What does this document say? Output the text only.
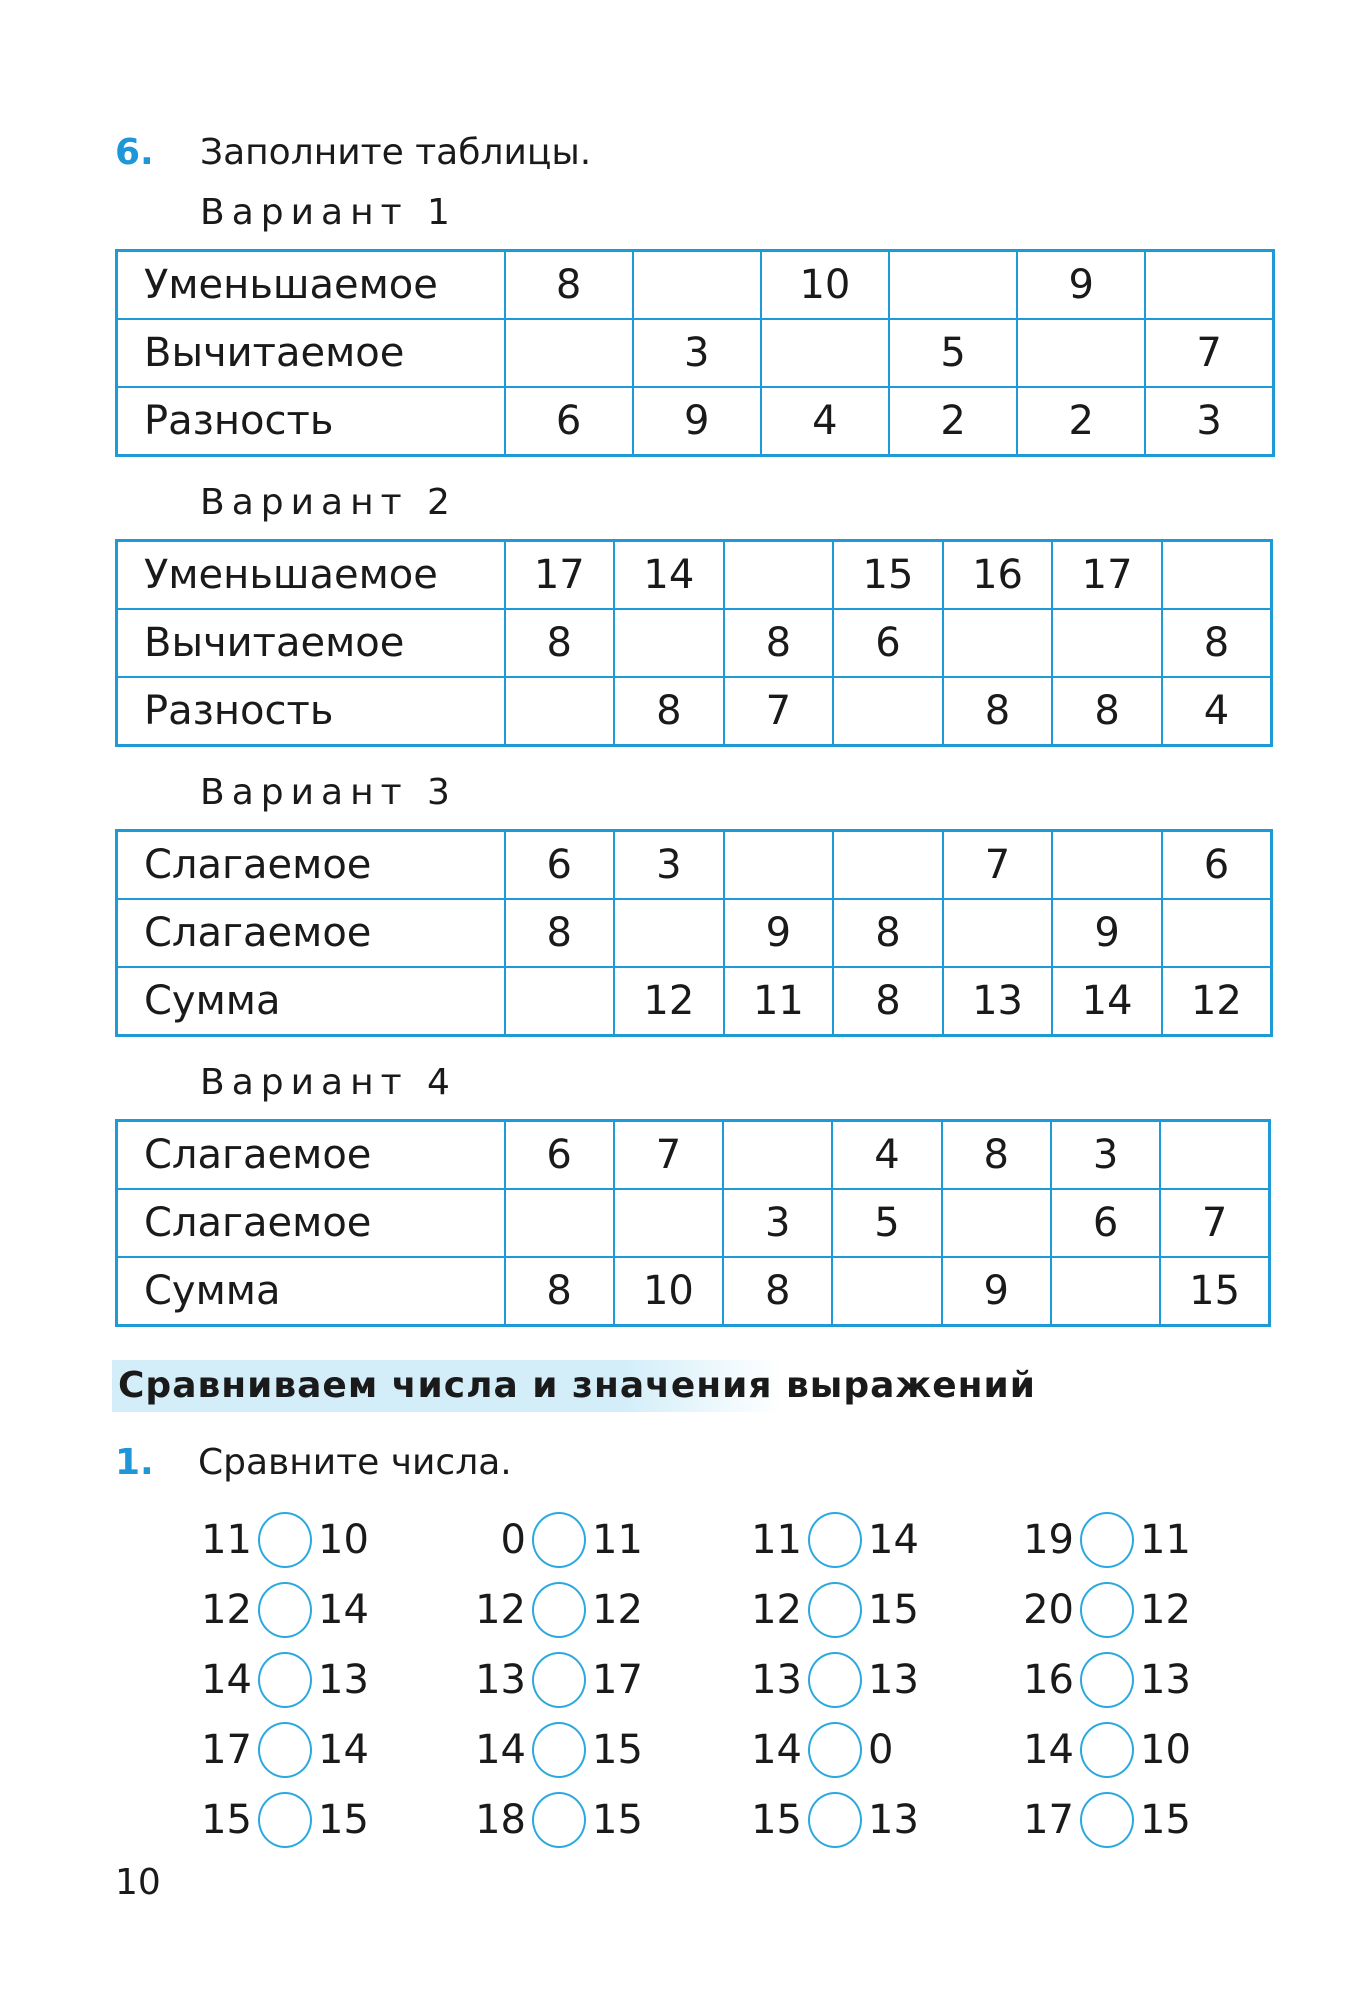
6. Заполните таблицы.
Вариант 1
Уменьшаемое	8		10		9	
Вычитаемое		3		5		7
Разность	6	9	4	2	2	3
Вариант 2
Уменьшаемое	17	14		15	16	17	
Вычитаемое	8		8	6			8
Разность		8	7		8	8	4
Вариант 3
Слагаемое	6	3			7		6
Слагаемое	8		9	8		9	
Сумма		12	11	8	13	14	12
Вариант 4
Слагаемое	6	7		4	8	3	
Слагаемое			3	5		6	7
Сумма	8	10	8		9		15
Сравниваем числа и значения выражений
1. Сравните числа.
11 10
12 14
14 13
17 14
15 15
0 11
12 12
13 17
14 15
18 15
11 14
12 15
13 13
14 0
15 13
19 11
20 12
16 13
14 10
17 15
10
